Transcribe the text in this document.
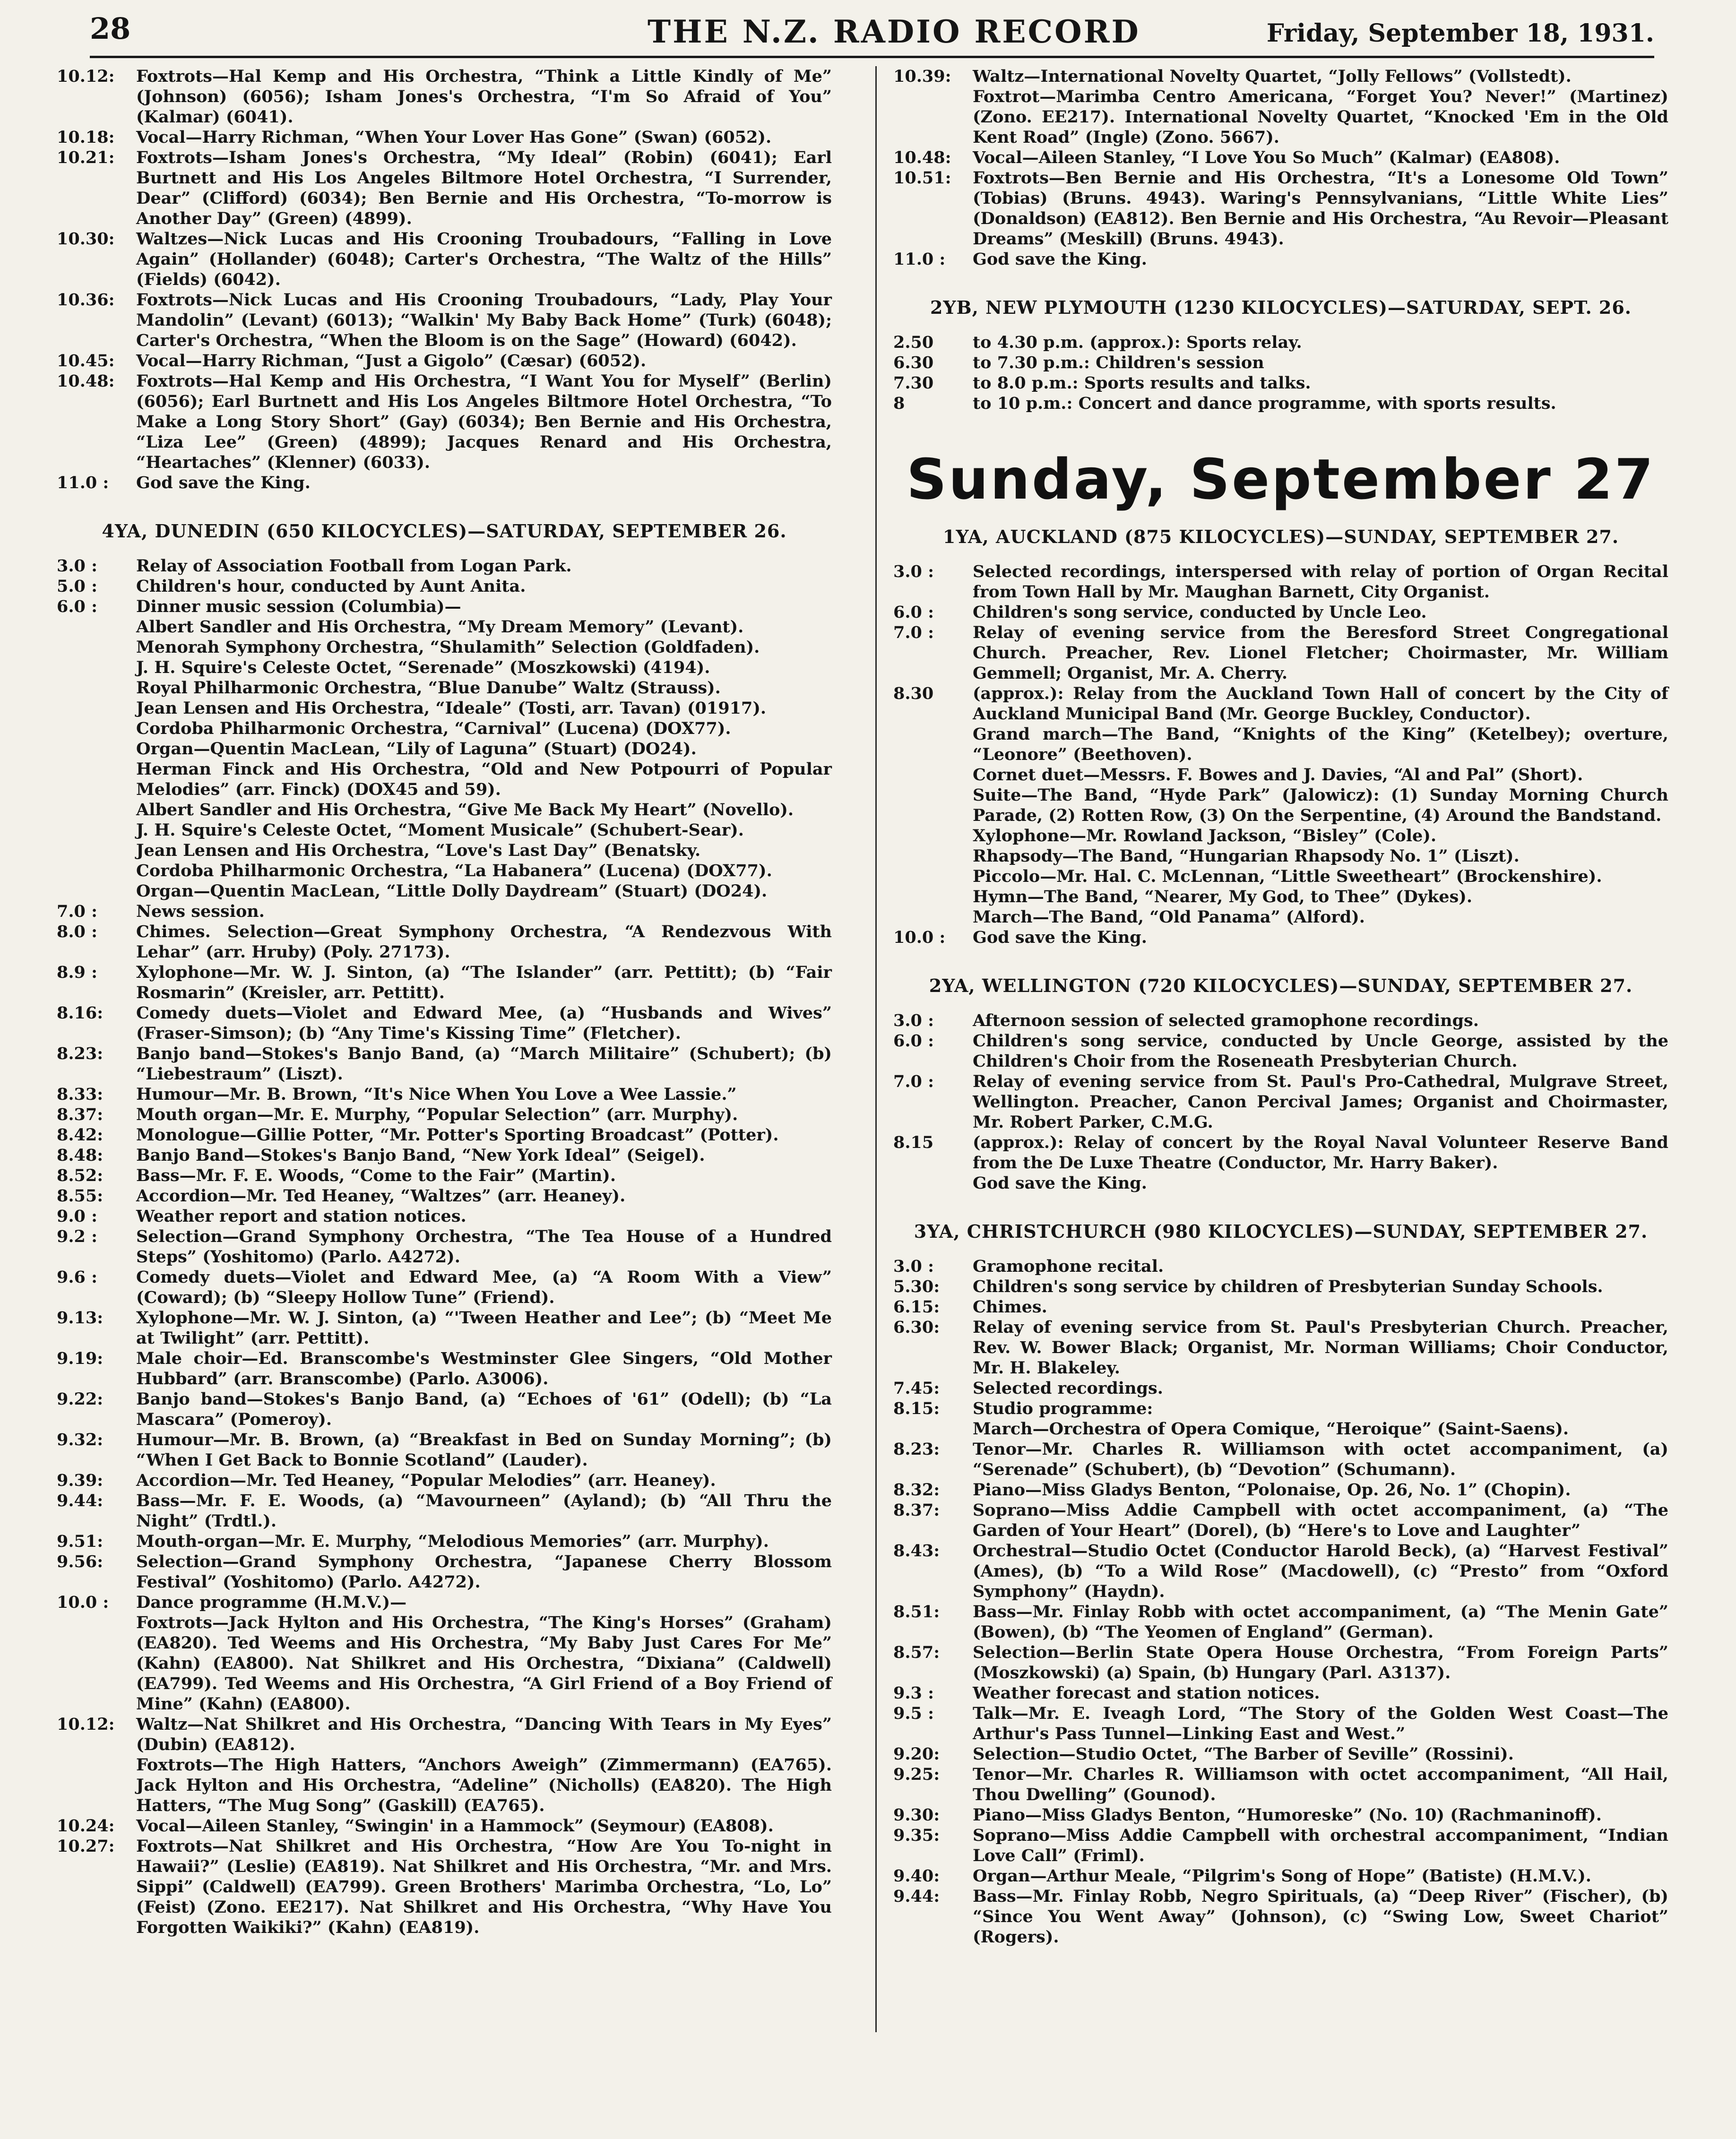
28	THE N.Z. RADIO RECORD	Friday, September 18, 1931.

10.12:	Foxtrots—Hal Kemp and His Orchestra, “Think a Little Kindly of Me” (Johnson) (6056); Isham Jones's Orchestra, “I'm So Afraid of You” (Kalmar) (6041).

10.18:	Vocal—Harry Richman, “When Your Lover Has Gone” (Swan) (6052).

10.21:	Foxtrots—Isham Jones's Orchestra, “My Ideal” (Robin) (6041); Earl Burtnett and His Los Angeles Biltmore Hotel Orchestra, “I Surrender, Dear” (Clifford) (6034); Ben Bernie and His Orchestra, “To-morrow is Another Day” (Green) (4899).

10.30:	Waltzes—Nick Lucas and His Crooning Troubadours, “Falling in Love Again” (Hollander) (6048); Carter's Orchestra, “The Waltz of the Hills” (Fields) (6042).

10.36:	Foxtrots—Nick Lucas and His Crooning Troubadours, “Lady, Play Your Mandolin” (Levant) (6013); “Walkin' My Baby Back Home” (Turk) (6048); Carter's Orchestra, “When the Bloom is on the Sage” (Howard) (6042).

10.45:	Vocal—Harry Richman, “Just a Gigolo” (Cæsar) (6052).

10.48:	Foxtrots—Hal Kemp and His Orchestra, “I Want You for Myself” (Berlin) (6056); Earl Burtnett and His Los Angeles Biltmore Hotel Orchestra, “To Make a Long Story Short” (Gay) (6034); Ben Bernie and His Orchestra, “Liza Lee” (Green) (4899); Jacques Renard and His Orchestra, “Heartaches” (Klenner) (6033).

11.0 :	God save the King.

4YA, DUNEDIN (650 KILOCYCLES)—SATURDAY, SEPTEMBER 26.

3.0 :	Relay of Association Football from Logan Park.

5.0 :	Children's hour, conducted by Aunt Anita.

6.0 :	Dinner music session (Columbia)—

Albert Sandler and His Orchestra, “My Dream Memory” (Levant).

Menorah Symphony Orchestra, “Shulamith” Selection (Goldfaden).

J. H. Squire's Celeste Octet, “Serenade” (Moszkowski) (4194).

Royal Philharmonic Orchestra, “Blue Danube” Waltz (Strauss).

Jean Lensen and His Orchestra, “Ideale” (Tosti, arr. Tavan) (01917).

Cordoba Philharmonic Orchestra, “Carnival” (Lucena) (DOX77).

Organ—Quentin MacLean, “Lily of Laguna” (Stuart) (DO24).

Herman Finck and His Orchestra, “Old and New Potpourri of Popular Melodies” (arr. Finck) (DOX45 and 59).

Albert Sandler and His Orchestra, “Give Me Back My Heart” (Novello).

J. H. Squire's Celeste Octet, “Moment Musicale” (Schubert-Sear).

Jean Lensen and His Orchestra, “Love's Last Day” (Benatsky.

Cordoba Philharmonic Orchestra, “La Habanera” (Lucena) (DOX77).

Organ—Quentin MacLean, “Little Dolly Daydream” (Stuart) (DO24).

7.0 :	News session.

8.0 :	Chimes. Selection—Great Symphony Orchestra, “A Rendezvous With Lehar” (arr. Hruby) (Poly. 27173).

8.9 :	Xylophone—Mr. W. J. Sinton, (a) “The Islander” (arr. Pettitt); (b) “Fair Rosmarin” (Kreisler, arr. Pettitt).

8.16:	Comedy duets—Violet and Edward Mee, (a) “Husbands and Wives” (Fraser-Simson); (b) “Any Time's Kissing Time” (Fletcher).

8.23:	Banjo band—Stokes's Banjo Band, (a) “March Militaire” (Schubert); (b) “Liebestraum” (Liszt).

8.33:	Humour—Mr. B. Brown, “It's Nice When You Love a Wee Lassie.”

8.37:	Mouth organ—Mr. E. Murphy, “Popular Selection” (arr. Murphy).

8.42:	Monologue—Gillie Potter, “Mr. Potter's Sporting Broadcast” (Potter).

8.48:	Banjo Band—Stokes's Banjo Band, “New York Ideal” (Seigel).

8.52:	Bass—Mr. F. E. Woods, “Come to the Fair” (Martin).

8.55:	Accordion—Mr. Ted Heaney, “Waltzes” (arr. Heaney).

9.0 :	Weather report and station notices.

9.2 :	Selection—Grand Symphony Orchestra, “The Tea House of a Hundred Steps” (Yoshitomo) (Parlo. A4272).

9.6 :	Comedy duets—Violet and Edward Mee, (a) “A Room With a View” (Coward); (b) “Sleepy Hollow Tune” (Friend).

9.13:	Xylophone—Mr. W. J. Sinton, (a) “'Tween Heather and Lee”; (b) “Meet Me at Twilight” (arr. Pettitt).

9.19:	Male choir—Ed. Branscombe's Westminster Glee Singers, “Old Mother Hubbard” (arr. Branscombe) (Parlo. A3006).

9.22:	Banjo band—Stokes's Banjo Band, (a) “Echoes of '61” (Odell); (b) “La Mascara” (Pomeroy).

9.32:	Humour—Mr. B. Brown, (a) “Breakfast in Bed on Sunday Morning”; (b) “When I Get Back to Bonnie Scotland” (Lauder).

9.39:	Accordion—Mr. Ted Heaney, “Popular Melodies” (arr. Heaney).

9.44:	Bass—Mr. F. E. Woods, (a) “Mavourneen” (Ayland); (b) “All Thru the Night” (Trdtl.).

9.51:	Mouth-organ—Mr. E. Murphy, “Melodious Memories” (arr. Murphy).

9.56:	Selection—Grand Symphony Orchestra, “Japanese Cherry Blossom Festival” (Yoshitomo) (Parlo. A4272).

10.0 :	Dance programme (H.M.V.)—

Foxtrots—Jack Hylton and His Orchestra, “The King's Horses” (Graham) (EA820). Ted Weems and His Orchestra, “My Baby Just Cares For Me” (Kahn) (EA800). Nat Shilkret and His Orchestra, “Dixiana” (Caldwell) (EA799). Ted Weems and His Orchestra, “A Girl Friend of a Boy Friend of Mine” (Kahn) (EA800).

10.12:	Waltz—Nat Shilkret and His Orchestra, “Dancing With Tears in My Eyes” (Dubin) (EA812).

Foxtrots—The High Hatters, “Anchors Aweigh” (Zimmermann) (EA765). Jack Hylton and His Orchestra, “Adeline” (Nicholls) (EA820). The High Hatters, “The Mug Song” (Gaskill) (EA765).

10.24:	Vocal—Aileen Stanley, “Swingin' in a Hammock” (Seymour) (EA808).

10.27:	Foxtrots—Nat Shilkret and His Orchestra, “How Are You To-night in Hawaii?” (Leslie) (EA819). Nat Shilkret and His Orchestra, “Mr. and Mrs. Sippi” (Caldwell) (EA799). Green Brothers' Marimba Orchestra, “Lo, Lo” (Feist) (Zono. EE217). Nat Shilkret and His Orchestra, “Why Have You Forgotten Waikiki?” (Kahn) (EA819).

10.39:	Waltz—International Novelty Quartet, “Jolly Fellows” (Vollstedt).

Foxtrot—Marimba Centro Americana, “Forget You? Never!” (Martinez) (Zono. EE217). International Novelty Quartet, “Knocked 'Em in the Old Kent Road” (Ingle) (Zono. 5667).

10.48:	Vocal—Aileen Stanley, “I Love You So Much” (Kalmar) (EA808).

10.51:	Foxtrots—Ben Bernie and His Orchestra, “It's a Lonesome Old Town” (Tobias) (Bruns. 4943). Waring's Pennsylvanians, “Little White Lies” (Donaldson) (EA812). Ben Bernie and His Orchestra, “Au Revoir—Pleasant Dreams” (Meskill) (Bruns. 4943).

11.0 :	God save the King.

2YB, NEW PLYMOUTH (1230 KILOCYCLES)—SATURDAY, SEPT. 26.

2.50	to 4.30 p.m. (approx.): Sports relay.

6.30	to 7.30 p.m.: Children's session

7.30	to 8.0 p.m.: Sports results and talks.

8	to 10 p.m.: Concert and dance programme, with sports results.

Sunday, September 27
1YA, AUCKLAND (875 KILOCYCLES)—SUNDAY, SEPTEMBER 27.

3.0 :	Selected recordings, interspersed with relay of portion of Organ Recital from Town Hall by Mr. Maughan Barnett, City Organist.

6.0 :	Children's song service, conducted by Uncle Leo.

7.0 :	Relay of evening service from the Beresford Street Congregational Church. Preacher, Rev. Lionel Fletcher; Choirmaster, Mr. William Gemmell; Organist, Mr. A. Cherry.

8.30	(approx.): Relay from the Auckland Town Hall of concert by the City of Auckland Municipal Band (Mr. George Buckley, Conductor).

Grand march—The Band, “Knights of the King” (Ketelbey); overture, “Leonore” (Beethoven).

Cornet duet—Messrs. F. Bowes and J. Davies, “Al and Pal” (Short).

Suite—The Band, “Hyde Park” (Jalowicz): (1) Sunday Morning Church Parade, (2) Rotten Row, (3) On the Serpentine, (4) Around the Bandstand.

Xylophone—Mr. Rowland Jackson, “Bisley” (Cole).

Rhapsody—The Band, “Hungarian Rhapsody No. 1” (Liszt).

Piccolo—Mr. Hal. C. McLennan, “Little Sweetheart” (Brockenshire).

Hymn—The Band, “Nearer, My God, to Thee” (Dykes).

March—The Band, “Old Panama” (Alford).

10.0 :	God save the King.

2YA, WELLINGTON (720 KILOCYCLES)—SUNDAY, SEPTEMBER 27.

3.0 :	Afternoon session of selected gramophone recordings.

6.0 :	Children's song service, conducted by Uncle George, assisted by the Children's Choir from the Roseneath Presbyterian Church.

7.0 :	Relay of evening service from St. Paul's Pro-Cathedral, Mulgrave Street, Wellington. Preacher, Canon Percival James; Organist and Choirmaster, Mr. Robert Parker, C.M.G.

8.15	(approx.): Relay of concert by the Royal Naval Volunteer Reserve Band from the De Luxe Theatre (Conductor, Mr. Harry Baker).

God save the King.

3YA, CHRISTCHURCH (980 KILOCYCLES)—SUNDAY, SEPTEMBER 27.

3.0 :	Gramophone recital.

5.30:	Children's song service by children of Presbyterian Sunday Schools.

6.15:	Chimes.

6.30:	Relay of evening service from St. Paul's Presbyterian Church. Preacher, Rev. W. Bower Black; Organist, Mr. Norman Williams; Choir Conductor, Mr. H. Blakeley.

7.45:	Selected recordings.

8.15:	Studio programme:

March—Orchestra of Opera Comique, “Heroique” (Saint-Saens).

8.23:	Tenor—Mr. Charles R. Williamson with octet accompaniment, (a) “Serenade” (Schubert), (b) “Devotion” (Schumann).

8.32:	Piano—Miss Gladys Benton, “Polonaise, Op. 26, No. 1” (Chopin).

8.37:	Soprano—Miss Addie Campbell with octet accompaniment, (a) “The Garden of Your Heart” (Dorel), (b) “Here's to Love and Laughter”

8.43:	Orchestral—Studio Octet (Conductor Harold Beck), (a) “Harvest Festival” (Ames), (b) “To a Wild Rose” (Macdowell), (c) “Presto” from “Oxford Symphony” (Haydn).

8.51:	Bass—Mr. Finlay Robb with octet accompaniment, (a) “The Menin Gate” (Bowen), (b) “The Yeomen of England” (German).

8.57:	Selection—Berlin State Opera House Orchestra, “From Foreign Parts” (Moszkowski) (a) Spain, (b) Hungary (Parl. A3137).

9.3 :	Weather forecast and station notices.

9.5 :	Talk—Mr. E. Iveagh Lord, “The Story of the Golden West Coast—The Arthur's Pass Tunnel—Linking East and West.”

9.20:	Selection—Studio Octet, “The Barber of Seville” (Rossini).

9.25:	Tenor—Mr. Charles R. Williamson with octet accompaniment, “All Hail, Thou Dwelling” (Gounod).

9.30:	Piano—Miss Gladys Benton, “Humoreske” (No. 10) (Rachmaninoff).

9.35:	Soprano—Miss Addie Campbell with orchestral accompaniment, “Indian Love Call” (Friml).

9.40:	Organ—Arthur Meale, “Pilgrim's Song of Hope” (Batiste) (H.M.V.).

9.44:	Bass—Mr. Finlay Robb, Negro Spirituals, (a) “Deep River” (Fischer), (b) “Since You Went Away” (Johnson), (c) “Swing Low, Sweet Chariot” (Rogers).
